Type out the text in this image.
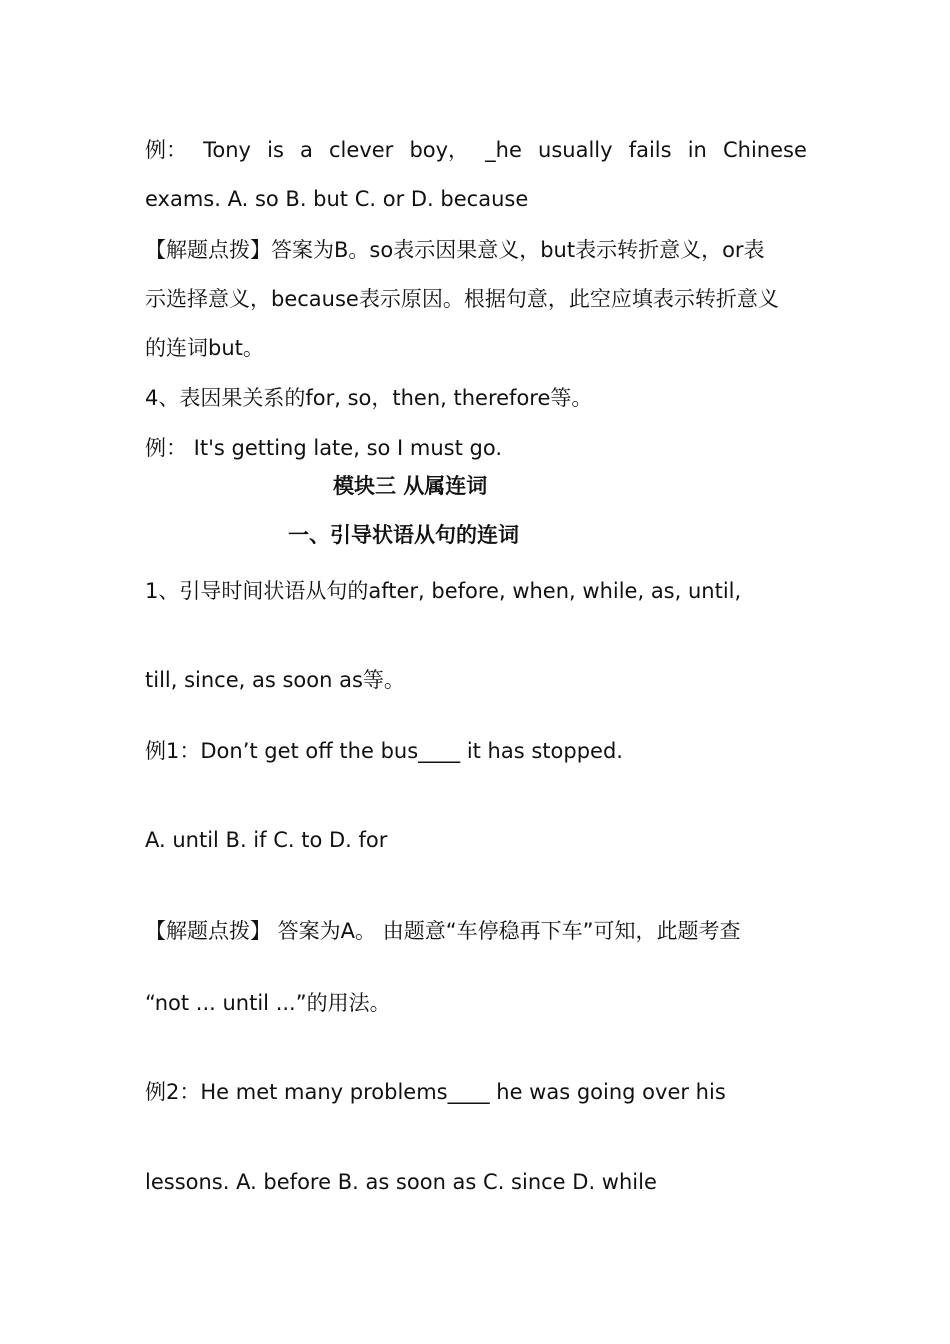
例： Tony is a clever boy， _he usually fails in Chinese
exams. A. so B. but C. or D. because
【解题点拨】答案为B。so表示因果意义，but表示转折意义，or表
示选择意义，because表示原因。根据句意，此空应填表示转折意义
的连词but。
4、表因果关系的for, so，then, therefore等。
例： It's getting late, so I must go.
模块三 从属连词
一、引导状语从句的连词
1、引导时间状语从句的after, before, when, while, as, until,
till, since, as soon as等。
例1：Don’t get off the bus____ it has stopped.
A. until B. if C. to D. for
【解题点拨】 答案为A。 由题意“车停稳再下车”可知，此题考查
“not ... until ...”的用法。
例2：He met many problems____ he was going over his
lessons. A. before B. as soon as C. since D. while
